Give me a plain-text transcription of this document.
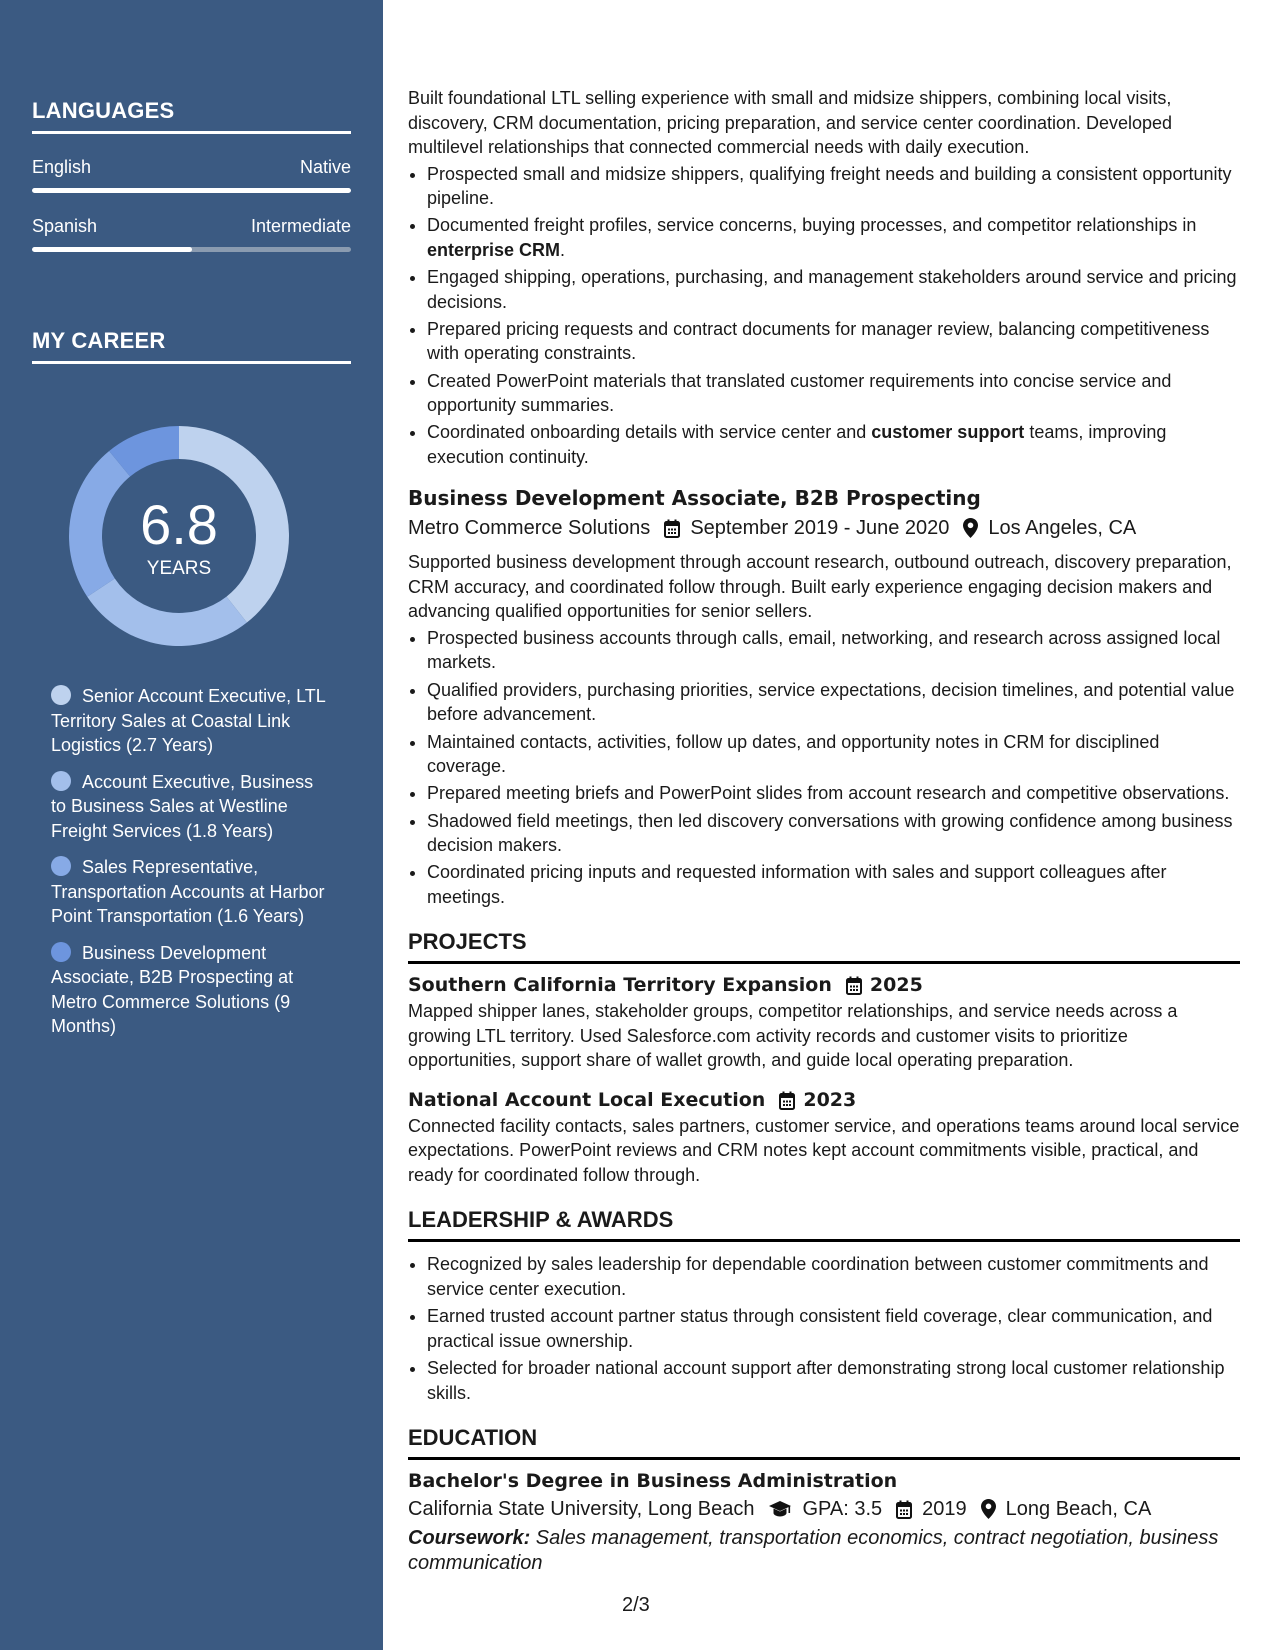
LANGUAGES
English	Native
Spanish	Intermediate
MY CAREER
6.8
YEARS
Senior Account Executive, LTL Territory Sales at Coastal Link Logistics (2.7 Years)
Account Executive, Business to Business Sales at Westline Freight Services (1.8 Years)
Sales Representative, Transportation Accounts at Harbor Point Transportation (1.6 Years)
Business Development Associate, B2B Prospecting at Metro Commerce Solutions (9 Months)

Built foundational LTL selling experience with small and midsize shippers, combining local visits, discovery, CRM documentation, pricing preparation, and service center coordination. Developed multilevel relationships that connected commercial needs with daily execution.

• Prospected small and midsize shippers, qualifying freight needs and building a consistent opportunity pipeline.
• Documented freight profiles, service concerns, buying processes, and competitor relationships in enterprise CRM.
• Engaged shipping, operations, purchasing, and management stakeholders around service and pricing decisions.
• Prepared pricing requests and contract documents for manager review, balancing competitiveness with operating constraints.
• Created PowerPoint materials that translated customer requirements into concise service and opportunity summaries.
• Coordinated onboarding details with service center and customer support teams, improving execution continuity.
Business Development Associate, B2B Prospecting
Metro Commerce Solutions September 2019 - June 2020 Los Angeles, CA

Supported business development through account research, outbound outreach, discovery preparation, CRM accuracy, and coordinated follow through. Built early experience engaging decision makers and advancing qualified opportunities for senior sellers.

• Prospected business accounts through calls, email, networking, and research across assigned local markets.
• Qualified providers, purchasing priorities, service expectations, decision timelines, and potential value before advancement.
• Maintained contacts, activities, follow up dates, and opportunity notes in CRM for disciplined coverage.
• Prepared meeting briefs and PowerPoint slides from account research and competitive observations.
• Shadowed field meetings, then led discovery conversations with growing confidence among business decision makers.
• Coordinated pricing inputs and requested information with sales and support colleagues after meetings.
PROJECTS
Southern California Territory Expansion 2025

Mapped shipper lanes, stakeholder groups, competitor relationships, and service needs across a growing LTL territory. Used Salesforce.com activity records and customer visits to prioritize opportunities, support share of wallet growth, and guide local operating preparation.

National Account Local Execution 2023

Connected facility contacts, sales partners, customer service, and operations teams around local service expectations. PowerPoint reviews and CRM notes kept account commitments visible, practical, and ready for coordinated follow through.

LEADERSHIP & AWARDS
• Recognized by sales leadership for dependable coordination between customer commitments and service center execution.
• Earned trusted account partner status through consistent field coverage, clear communication, and practical issue ownership.
• Selected for broader national account support after demonstrating strong local customer relationship skills.
EDUCATION
Bachelor's Degree in Business Administration
California State University, Long Beach GPA: 3.5 2019 Long Beach, CA

Coursework: Sales management, transportation economics, contract negotiation, business communication

2/3
